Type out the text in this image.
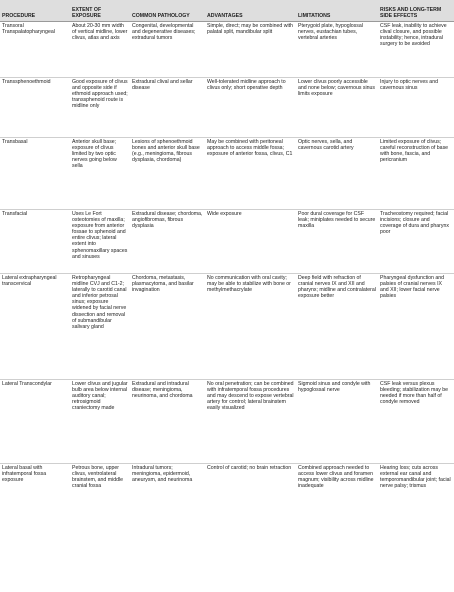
PROCEDURE	EXTENT OF EXPOSURE	COMMON PATHOLOGY	ADVANTAGES	LIMITATIONS	RISKS AND LONG-TERM SIDE EFFECTS
Transoral Transpalatopharyngeal	About 20-30 mm width of vertical midline, lower clivus, atlas and axis	Congenital, developmental and degenerative diseases; extradural tumors	Simple, direct; may be combined with palatal split, mandibular split	Pterygoid plate, hypoglossal nerves, eustachian tubes, vertebral arteries	CSF leak, inability to achieve clival closure, and possible instability; hence, intradural surgery to be avoided
Transsphenoethmoid	Good exposure of clivus and opposite side if ethmoid approach used; transsphenoid route is midline only	Extradural clival and sellar disease	Well-tolerated midline approach to clivus only; short operative depth	Lower clivus poorly accessible and none below; cavernous sinus limits exposure	Injury to optic nerves and cavernous sinus
Transbasal	Anterior skull base; exposure of clivus limited by two optic nerves going below sella	Lesions of sphenoethmoid bones and anterior skull base (e.g., meningioma, fibrous dysplasia, chordoma)	May be combined with peritoneal approach to access middle fossa; exposure of anterior fossa, clivus, C1	Optic nerves, sella, and cavernous carotid artery	Limited exposure of clivus; careful reconstruction of base with bone, fascia, and pericranium
Transfacial	Uses Le Fort osteotomies of maxilla; exposure from anterior fossae to sphenoid and entire clivus; lateral extent into sphenomaxillary spaces and sinuses	Extradural disease; chordoma, angiofibromas, fibrous dysplasia	Wide exposure	Poor dural coverage for CSF leak; miniplates needed to secure maxilla	Tracheostomy required; facial incisions; closure and coverage of dura and pharynx poor
Lateral extrapharyngeal transcervical	Retropharyngeal midline CVJ and C1-2; laterally to carotid canal and inferior petrosal sinus; exposure widened by facial nerve dissection and removal of submandibular salivary gland	Chordoma, metastasis, plasmacytoma, and basilar invagination	No communication with oral cavity; may be able to stabilize with bone or methylmethacrylate	Deep field with refraction of cranial nerves IX and XII and pharynx; midline and contralateral exposure better	Pharyngeal dysfunction and palsies of cranial nerves IX and XII; lower facial nerve palsies
Lateral Transcondylar	Lower clivus and jugular bulb area below internal auditory canal; retrosigmoid craniectomy made	Extradural and intradural disease; meningioma, neurinoma, and chordoma	No oral penetration; can be combined with infratemporal fossa procedures and may descend to expose vertebral artery for control; lateral brainstem easily visualized	Sigmoid sinus and condyle with hypoglossal nerve	CSF leak versus plexus bleeding; stabilization may be needed if more than half of condyle removed
Lateral basal with infratemporal fossa exposure	Petrous bone, upper clivus, ventrolateral brainstem, and middle cranial fossa	Intradural tumors; meningioma, epidermoid, aneurysm, and neurinoma	Control of carotid; no brain retraction	Combined approach needed to access lower clivus and foramen magnum; visibility across midline inadequate	Hearing loss; cuts across external ear canal and temporomandibular joint; facial nerve palsy; trismus
